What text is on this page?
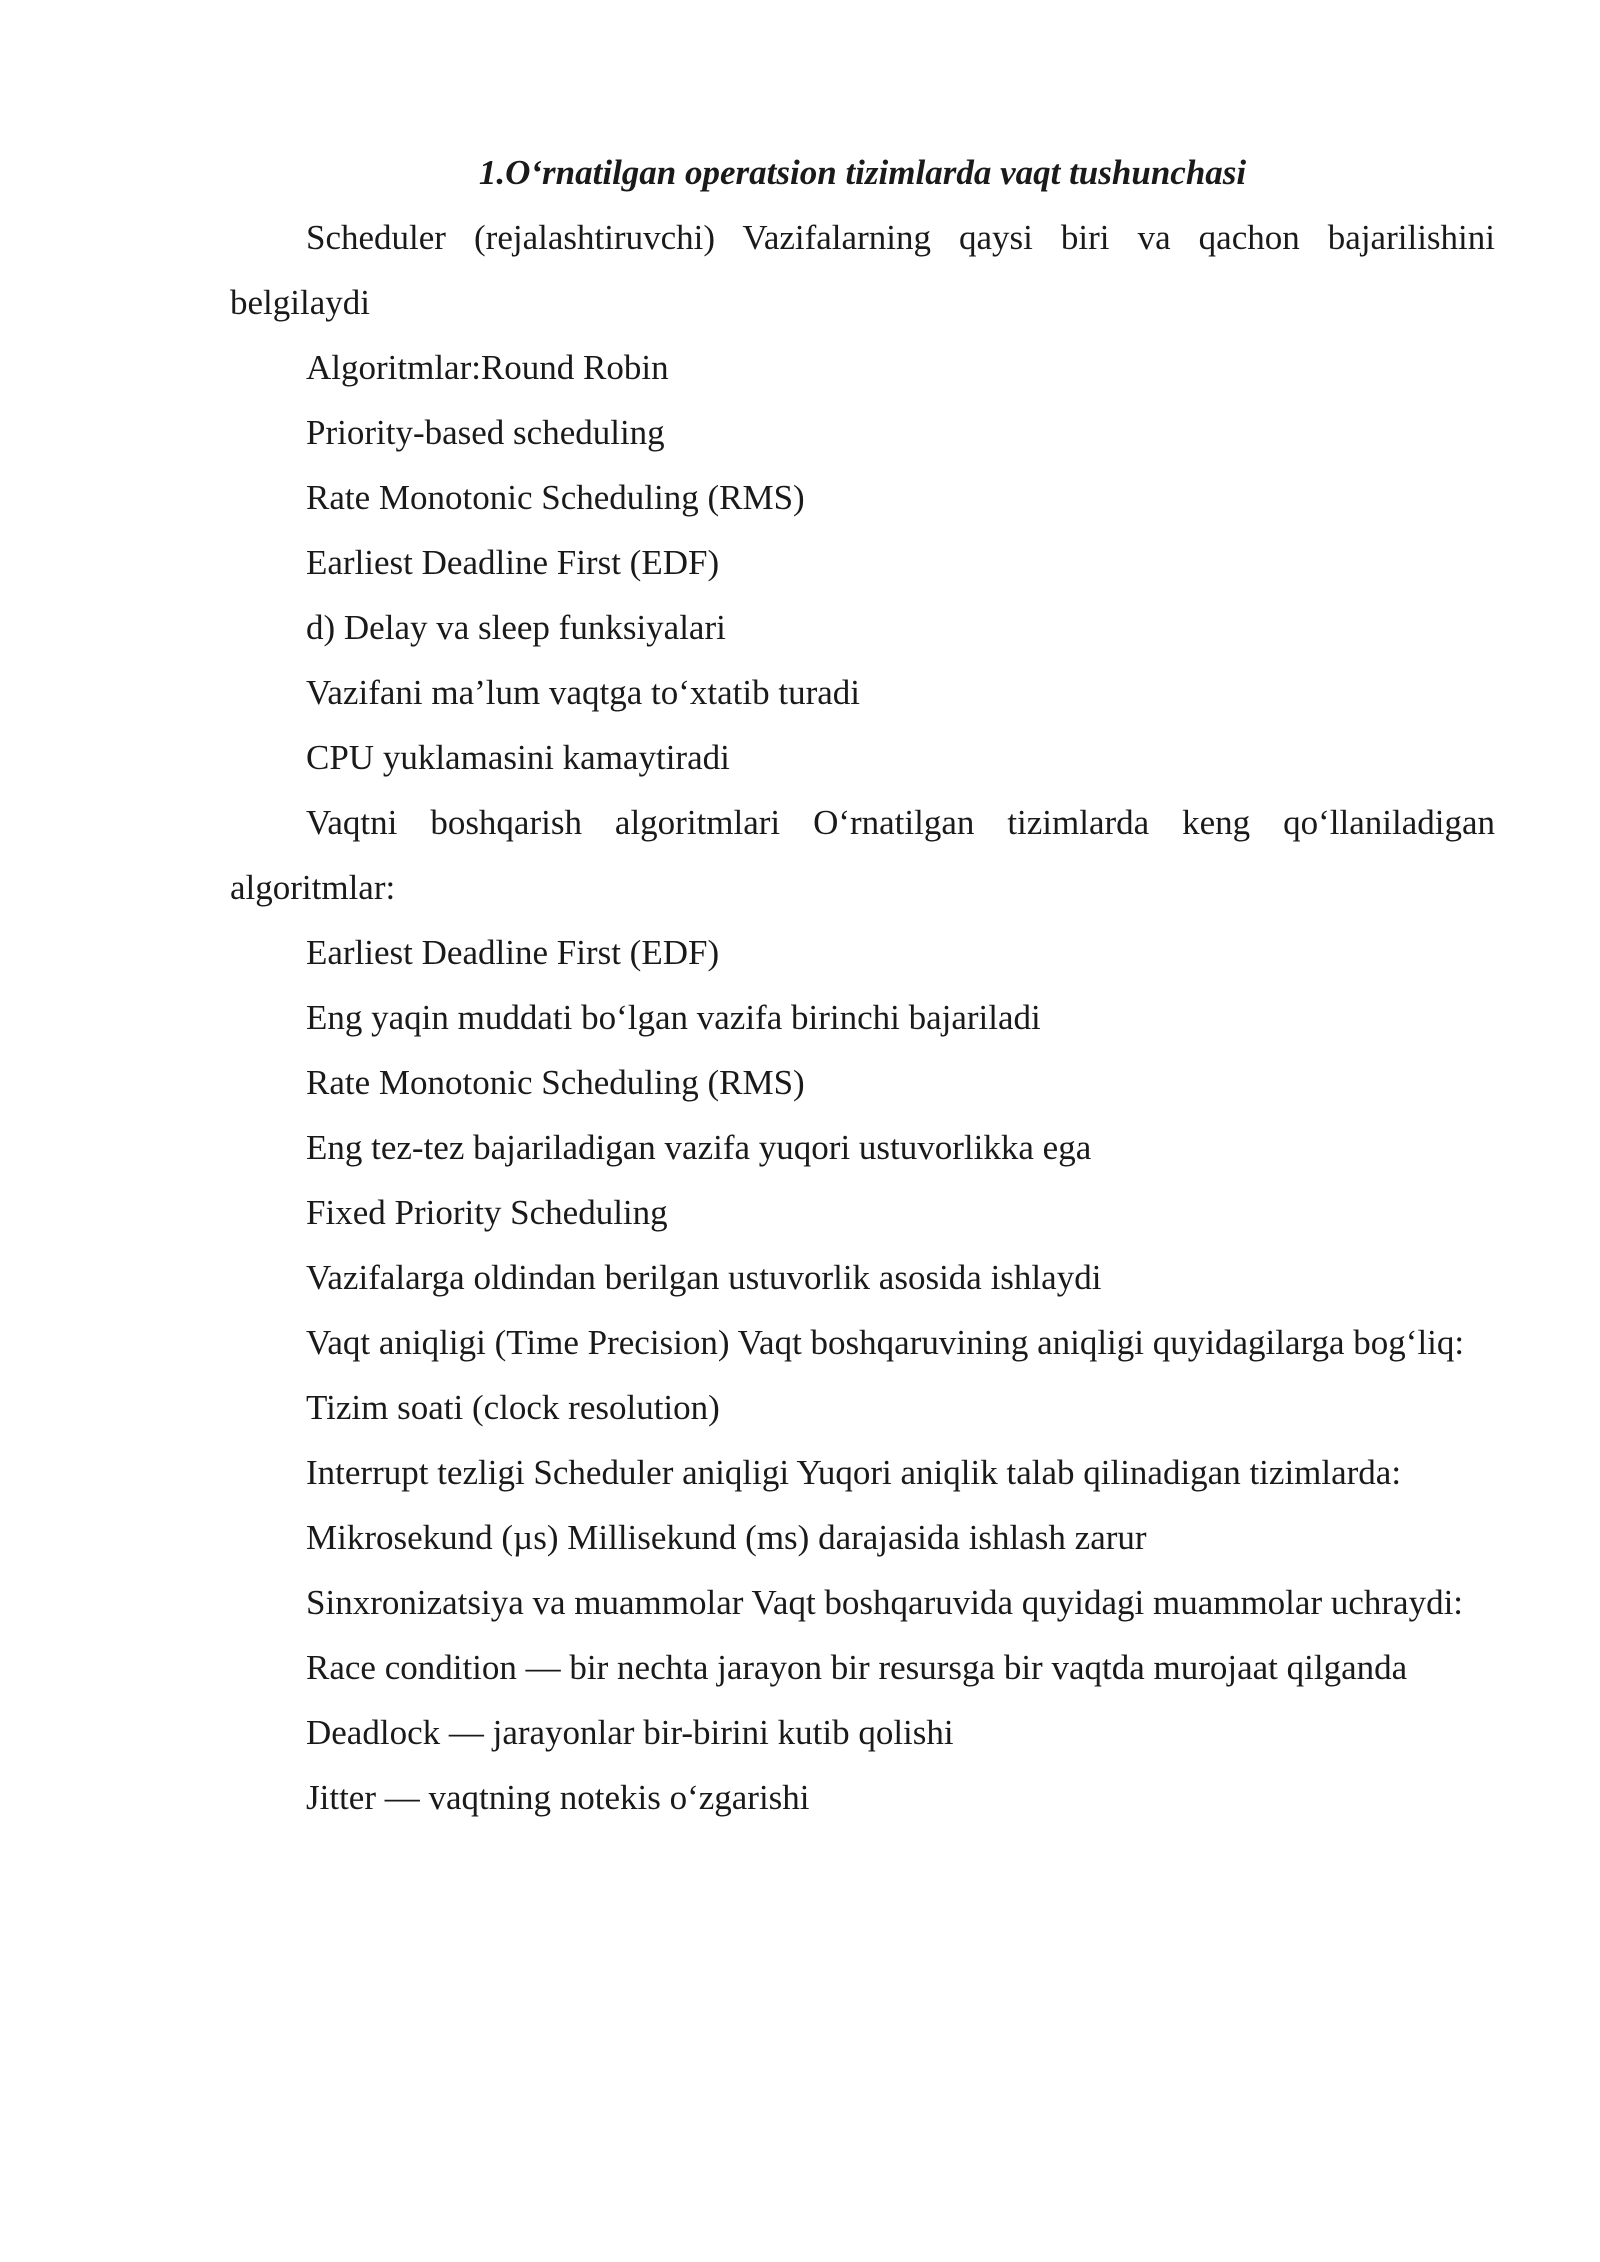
1.O‘rnatilgan operatsion tizimlarda vaqt tushunchasi

Scheduler (rejalashtiruvchi) Vazifalarning qaysi biri va qachon bajarilishini belgilaydi

Algoritmlar:Round Robin

Priority-based scheduling

Rate Monotonic Scheduling (RMS)

Earliest Deadline First (EDF)

d) Delay va sleep funksiyalari

Vazifani ma’lum vaqtga to‘xtatib turadi

CPU yuklamasini kamaytiradi

Vaqtni boshqarish algoritmlari O‘rnatilgan tizimlarda keng qo‘llaniladigan algoritmlar:

Earliest Deadline First (EDF)

Eng yaqin muddati bo‘lgan vazifa birinchi bajariladi

Rate Monotonic Scheduling (RMS)

Eng tez-tez bajariladigan vazifa yuqori ustuvorlikka ega

Fixed Priority Scheduling

Vazifalarga oldindan berilgan ustuvorlik asosida ishlaydi

Vaqt aniqligi (Time Precision) Vaqt boshqaruvining aniqligi quyidagilarga bog‘liq:

Tizim soati (clock resolution)

Interrupt tezligi Scheduler aniqligi Yuqori aniqlik talab qilinadigan tizimlarda:

Mikrosekund (µs) Millisekund (ms) darajasida ishlash zarur

Sinxronizatsiya va muammolar Vaqt boshqaruvida quyidagi muammolar uchraydi:

Race condition — bir nechta jarayon bir resursga bir vaqtda murojaat qilganda

Deadlock — jarayonlar bir-birini kutib qolishi

Jitter — vaqtning notekis o‘zgarishi
